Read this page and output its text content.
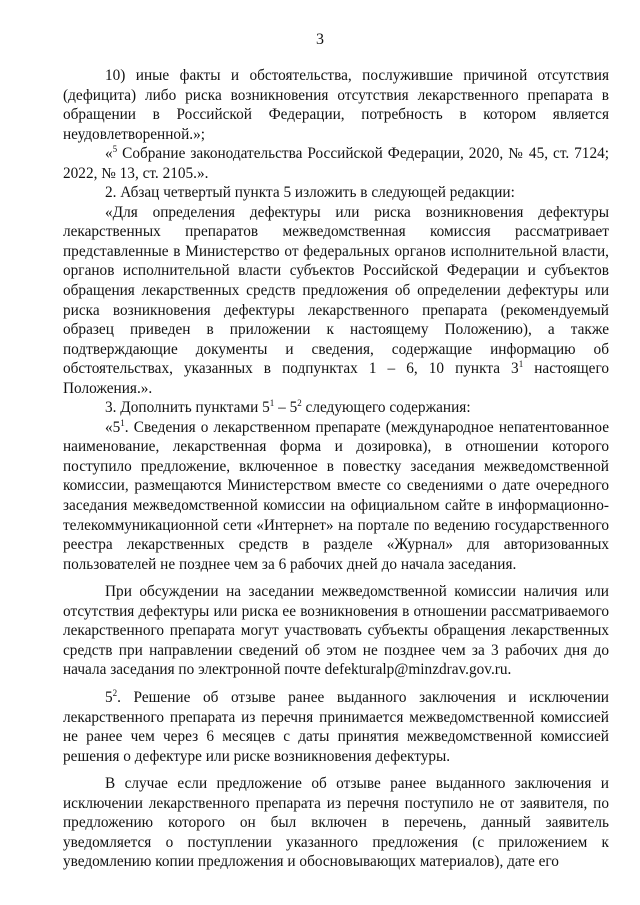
3

10) иные факты и обстоятельства, послужившие причиной отсутствия (дефицита) либо риска возникновения отсутствия лекарственного препарата в обращении в Российской Федерации, потребность в котором является неудовлетворенной.»;

«$^5$ Собрание законодательства Российской Федерации, 2020, № 45, ст. 7124; 2022, № 13, ст. 2105.».

2. Абзац четвертый пункта 5 изложить в следующей редакции:

«Для определения дефектуры или риска возникновения дефектуры лекарственных препаратов межведомственная комиссия рассматривает представленные в Министерство от федеральных органов исполнительной власти, органов исполнительной власти субъектов Российской Федерации и субъектов обращения лекарственных средств предложения об определении дефектуры или риска возникновения дефектуры лекарственного препарата (рекомендуемый образец приведен в приложении к настоящему Положению), а также подтверждающие документы и сведения, содержащие информацию об обстоятельствах, указанных в подпунктах 1 – 6, 10 пункта $3^1$ настоящего Положения.».

3. Дополнить пунктами $5^1 - 5^2$ следующего содержания:

«$5^1$. Сведения о лекарственном препарате (международное непатентованное наименование, лекарственная форма и дозировка), в отношении которого поступило предложение, включенное в повестку заседания межведомственной комиссии, размещаются Министерством вместе со сведениями о дате очередного заседания межведомственной комиссии на официальном сайте в информационно-телекоммуникационной сети «Интернет» на портале по ведению государственного реестра лекарственных средств в разделе «Журнал» для авторизованных пользователей не позднее чем за 6 рабочих дней до начала заседания.

При обсуждении на заседании межведомственной комиссии наличия или отсутствия дефектуры или риска ее возникновения в отношении рассматриваемого лекарственного препарата могут участвовать субъекты обращения лекарственных средств при направлении сведений об этом не позднее чем за 3 рабочих дня до начала заседания по электронной почте defekturalp@minzdrav.gov.ru.

$5^2$. Решение об отзыве ранее выданного заключения и исключении лекарственного препарата из перечня принимается межведомственной комиссией не ранее чем через 6 месяцев с даты принятия межведомственной комиссией решения о дефектуре или риске возникновения дефектуры.

В случае если предложение об отзыве ранее выданного заключения и исключении лекарственного препарата из перечня поступило не от заявителя, по предложению которого он был включен в перечень, данный заявитель уведомляется о поступлении указанного предложения (с приложением к уведомлению копии предложения и обосновывающих материалов), дате его
